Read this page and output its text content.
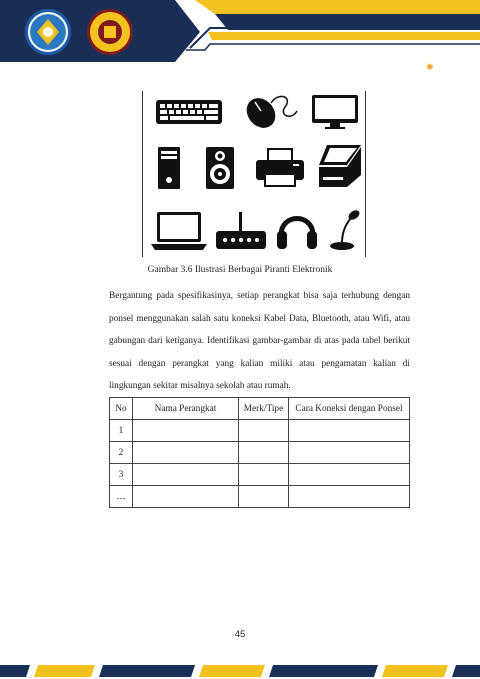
✺
Gambar 3.6 Ilustrasi Berbagai Piranti Elektronik

Bergantung pada spesifikasinya, setiap perangkat bisa saja terhubung dengan ponsel menggunakan salah satu koneksi Kabel Data, Bluetooth, atau Wifi, atau gabungan dari ketiganya. Identifikasi gambar-gambar di atas pada tabel berikut sesuai dengan perangkat yang kalian miliki atau pengamatan kalian di lingkungan sekitar misalnya sekolah atau rumah.

No	Nama Perangkat	Merk/Tipe	Cara Koneksi dengan Ponsel
1			
2			
3			
…			
45
